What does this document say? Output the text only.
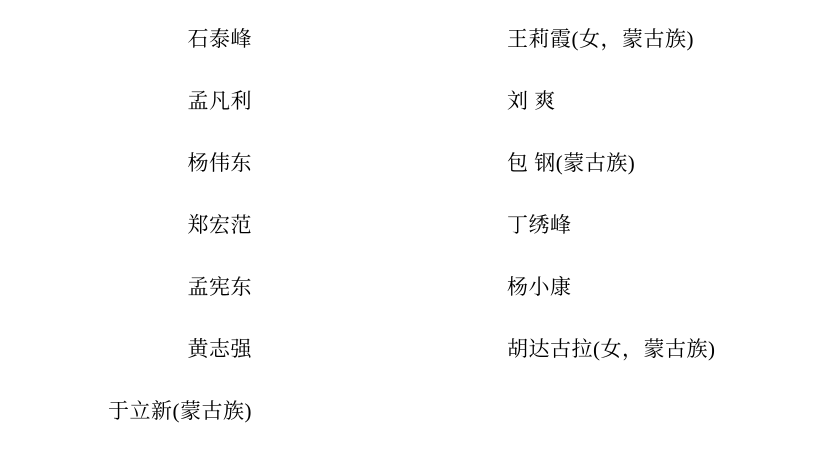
石泰峰	王莉霞(女，蒙古族)
孟凡利	刘 爽
杨伟东	包 钢(蒙古族)
郑宏范	丁绣峰
孟宪东	杨小康
黄志强	胡达古拉(女，蒙古族)
于立新(蒙古族)
